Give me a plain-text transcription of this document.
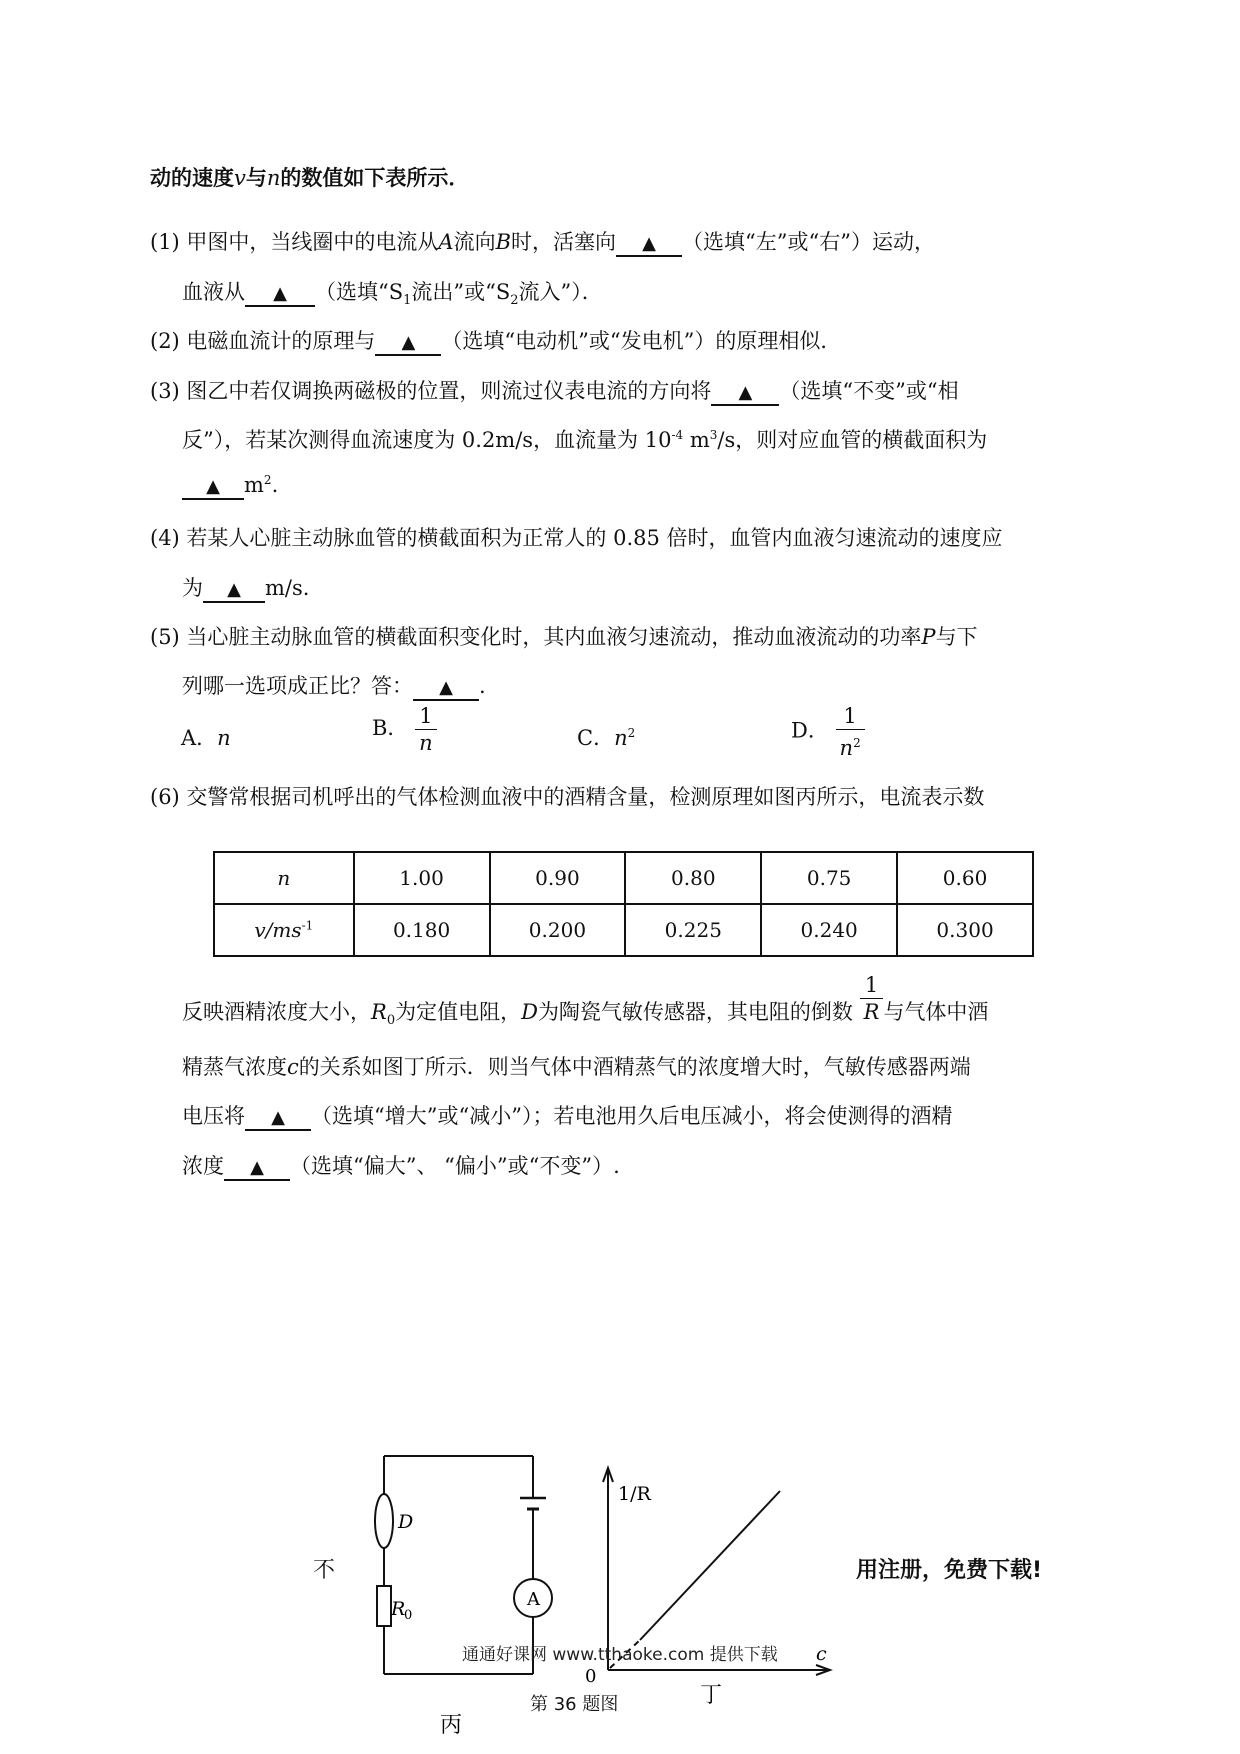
动的速度v与n的数值如下表所示．
(1) 甲图中，当线圈中的电流从A流向B时，活塞向 ▲ （选填“左”或“右”）运动，
血液从 ▲ （选填“$S_1$流出”或“$S_2$流入”）．
(2) 电磁血流计的原理与 ▲ （选填“电动机”或“发电机”）的原理相似．
(3) 图乙中若仅调换两磁极的位置，则流过仪表电流的方向将 ▲ （选填“不变”或“相
反”），若某次测得血流速度为 0.2m/s，血流量为 $10^{-4}$ $m^3/s$，则对应血管的横截面积为
▲ $m^2$.
(4) 若某人心脏主动脉血管的横截面积为正常人的 0.85 倍时，血管内血液匀速流动的速度应
为 ▲ m/s.
(5) 当心脏主动脉血管的横截面积变化时，其内血液匀速流动，推动血液流动的功率P与下
列哪一选项成正比？答： ▲ .
A．n	B． $\frac{1}{n}$	C．$n^2$	D． $\frac{1}{n^2}$
(6) 交警常根据司机呼出的气体检测血液中的酒精含量，检测原理如图丙所示，电流表示数
n	1.00	0.90	0.80	0.75	0.60
$v/ms^{-1}$	0.180	0.200	0.225	0.240	0.300
反映酒精浓度大小，$R_0$为定值电阻，D为陶瓷气敏传感器，其电阻的倒数 $\frac{1}{R}$ 与气体中酒
精蒸气浓度c的关系如图丁所示．则当气体中酒精蒸气的浓度增大时，气敏传感器两端
电压将 ▲ （选填“增大”或“减小”）；若电池用久后电压减小，将会使测得的酒精
浓度 ▲ （选填“偏大”、 “偏小”或“不变”）.
D
R
0
A
丙
1/R
c
0
丁
不	用注册，免费下载!
通通好课网 www.tthaoke.com 提供下载
第 36 题图
